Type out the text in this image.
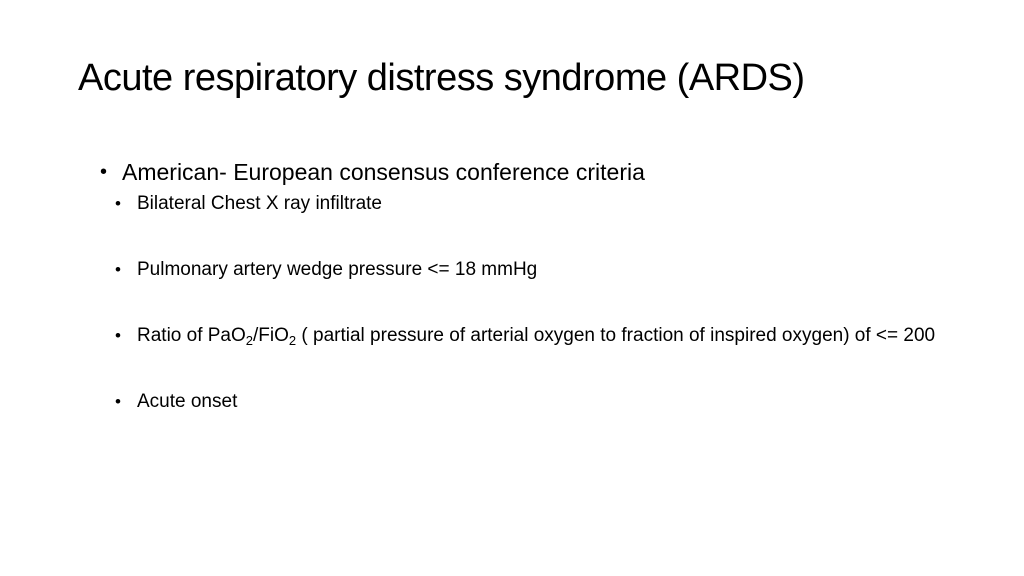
Acute respiratory distress syndrome (ARDS)
• American- European consensus conference criteria
• Bilateral Chest X ray infiltrate
• Pulmonary artery wedge pressure <= 18 mmHg
• Ratio of PaO$_2$/FiO$_2$ ( partial pressure of arterial oxygen to fraction of inspired oxygen) of <= 200
• Acute onset
